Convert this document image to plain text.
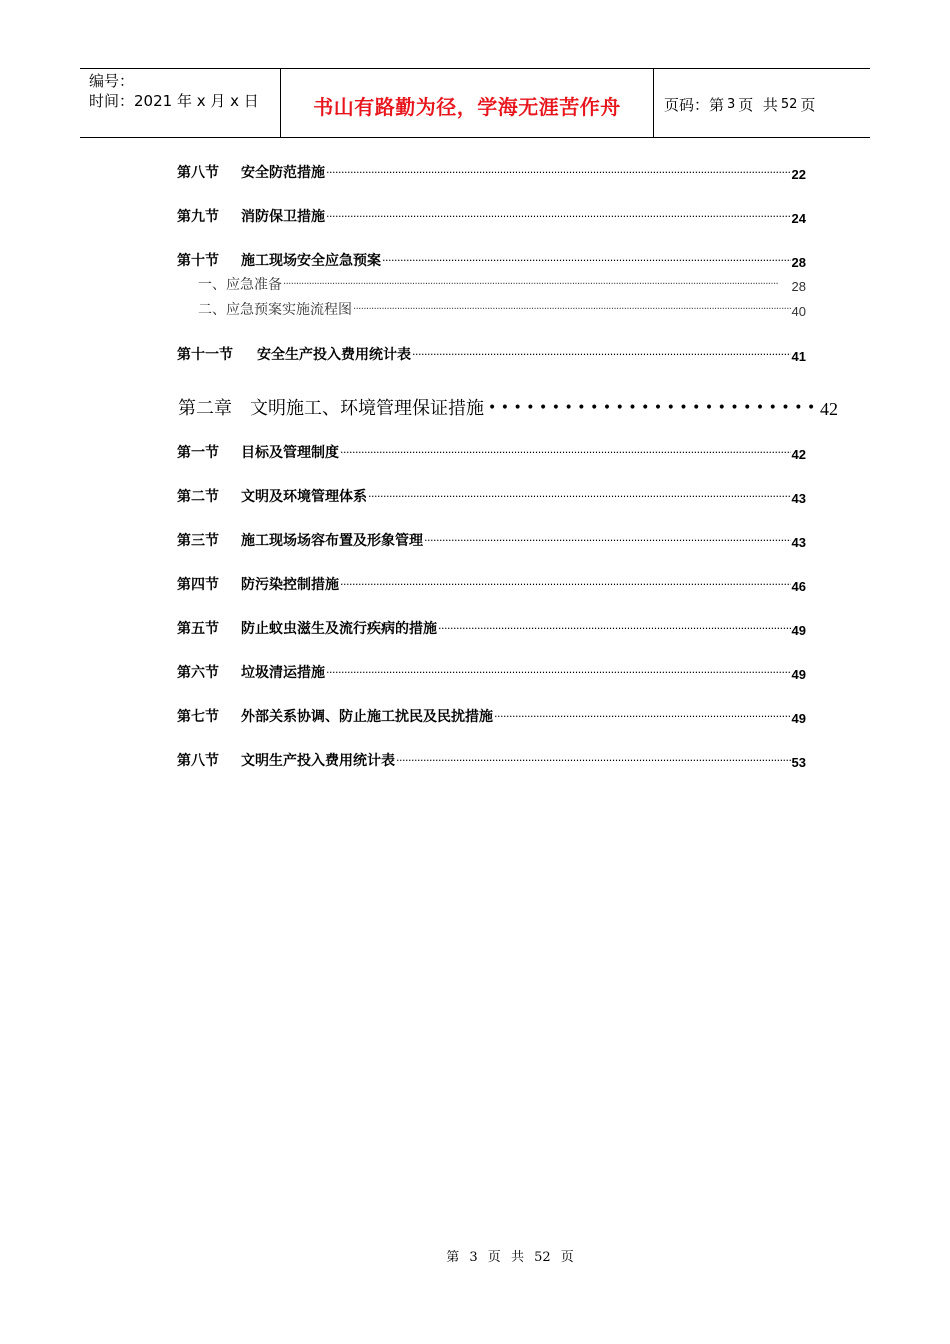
编号：
时间：2021 年 x 月 x 日	书山有路勤为径，学海无涯苦作舟	页码：第 3 页  共 52 页
第八节	安全防范措施 ·····	22
第九节	消防保卫措施 ·····	24
第十节	施工现场安全应急预案 ·····	28
一、应急准备 ·····	28
二、应急预案实施流程图 ·····	40
第十一节	安全生产投入费用统计表 ·····	41
第二章 文明施工、环境管理保证措施 •••••	42
第一节	目标及管理制度 ·····	42
第二节	文明及环境管理体系 ·····	43
第三节	施工现场场容布置及形象管理 ·····	43
第四节	防污染控制措施 ·····	46
第五节	防止蚊虫滋生及流行疾病的措施 ·····	49
第六节	垃圾清运措施 ·····	49
第七节	外部关系协调、防止施工扰民及民扰措施 ·····	49
第八节	文明生产投入费用统计表 ·····	53
第 3 页 共 52 页
